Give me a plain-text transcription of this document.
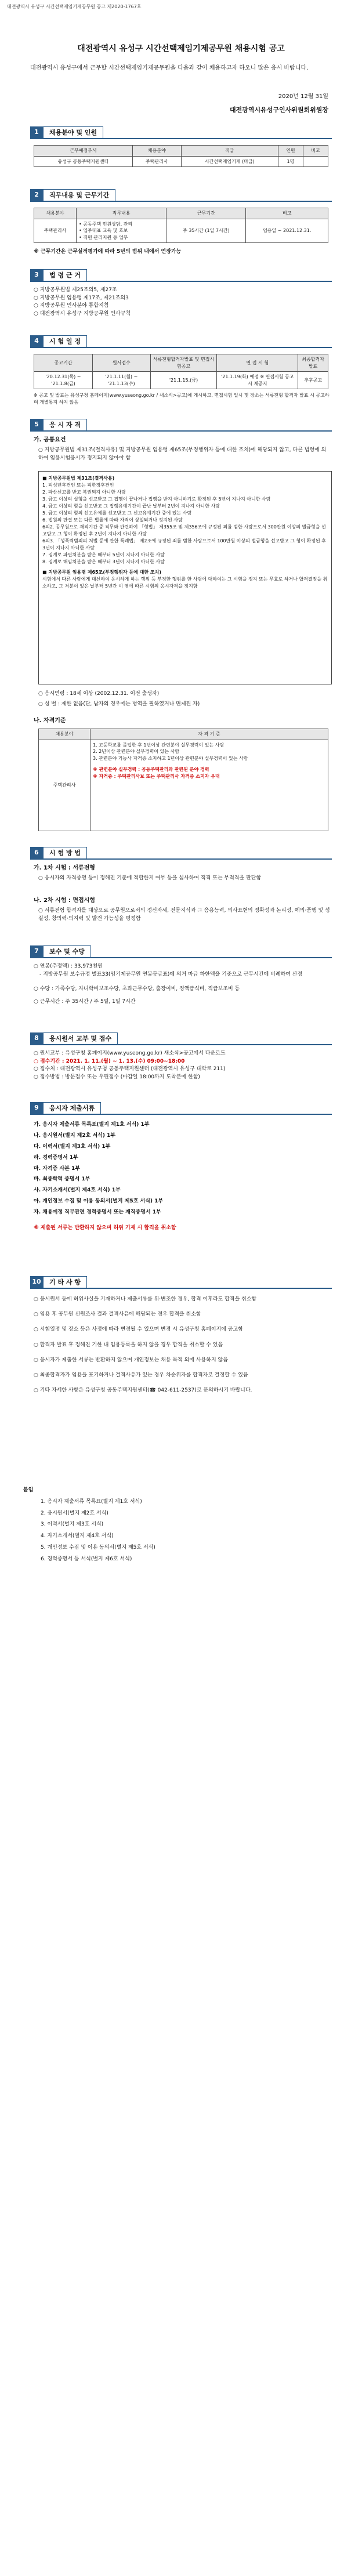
대전광역시 유성구 시간선택제임기제공무원 공고 제2020-1767호
대전광역시 유성구 시간선택제임기제공무원 채용시험 공고
대전광역시 유성구에서 근무할 시간선택제임기제공무원을 다음과 같이 채용하고자 하오니 많은 응시 바랍니다.
2020년 12월 31일
대전광역시유성구인사위원회위원장
1 채용분야 및 인원
근무예정부서	채용분야	직급	인원	비고
유성구 공동주택지원센터	주택관리사	시간선택제임기제 (마급)	1명	
2 직무내용 및 근무기간
채용분야	직무내용	근무기간	비고
주택관리사	• 공동주택 민원상담, 관리
• 입주대표 교육 및 호보
• 직원 관리지원 등 업무	주 35시간 (1일 7시간)	임용일 ~ 2021.12.31.
※ 근무기간은 근무실적평가에 따라 5년의 범위 내에서 연장가능
3 법 령 근 거
○ 지방공무원법 제25조의5, 제27조
○ 지방공무원 임용령 제17조, 제21조의3
○ 지방공무원 인사분야 통합지침
○ 대전광역시 유성구 지방공무원 인사규칙
4 시 험 일 정
공고기간	원서접수	서류전형합격자발표 및 면접시험공고	면 접 시 험	최종합격자발표
'20.12.31(목) ~ '21.1.8(금)	'21.1.11(월) ~ '21.1.13(수)	'21.1.15.(금)	'21.1.19(화) 예정 ※ 면접시험 공고시 재공지	추후공고
※ 공고 및 발표는 유성구청 홈페이지(www.yuseong.go.kr / 새소식>공고)에 게시하고, 면접시험 일시 및 장소는 서류전형 합격자 발표 시 공고하며 개별통지 하지 않음
5 응 시 자 격
가. 공통요건
○ 지방공무원법 제31조(결격사유) 및 지방공무원 임용령 제65조(부정행위자 등에 대한 조치)에 해당되지 않고, 다른 법령에 의하여 임용시험응시가 정지되지 않아야 함
■ 지방공무원법 제31조(결격사유)
1. 피성년후견인 또는 피한정후견인
2. 파산선고를 받고 복권되지 아니한 사람
3. 금고 이상의 실형을 선고받고 그 집행이 끝나거나 집행을 받지 아니하기로 확정된 후 5년이 지나지 아니한 사람
4. 금고 이상의 형을 선고받고 그 집행유예기간이 끝난 날부터 2년이 지나지 아니한 사람
5. 금고 이상의 형의 선고유예를 선고받고 그 선고유예기간 중에 있는 사람
6. 법원의 판결 또는 다른 법률에 따라 자격이 상실되거나 정지된 사람
6의2. 공무원으로 재직기간 중 직무와 관련하여 「형법」 제355조 및 제356조에 규정된 죄를 범한 사람으로서 300만원 이상의 벌금형을 선고받고 그 형이 확정된 후 2년이 지나지 아니한 사람
6의3. 「성폭력범죄의 처벌 등에 관한 특례법」 제2조에 규정된 죄를 범한 사람으로서 100만원 이상의 벌금형을 선고받고 그 형이 확정된 후 3년이 지나지 아니한 사람
7. 징계로 파면처분을 받은 때부터 5년이 지나지 아니한 사람
8. 징계로 해임처분을 받은 때부터 3년이 지나지 아니한 사람
■ 지방공무원 임용령 제65조(부정행위자 등에 대한 조치)
시험에서 다른 사람에게 대신하여 응시하게 하는 행위 등 부정한 행위를 한 사람에 대하여는 그 시험을 정지 또는 무효로 하거나 합격결정을 취소하고, 그 처분이 있은 날부터 5년간 이 영에 따른 시험의 응시자격을 정지함
○ 응시연령 : 18세 이상 (2002.12.31. 이전 출생자)
○ 성 별 : 제한 없음(단, 남자의 경우에는 병역을 필하였거나 면제된 자)
나. 자격기준
채용분야	자 격 기 준
주택관리사	1. 고등학교를 졸업한 후 1년이상 관련분야 실무경력이 있는 사람
2. 2년이상 관련분야 실무경력이 있는 사람
3. 관련분야 기능사 자격증 소지하고 1년이상 관련분야 실무경력이 있는 사람
※ 관련분야 실무경력 : 공동주택관리와 관련된 분야 경력
※ 자격증 : 주택관리사보 또는 주택관리사 자격증 소지자 우대
6 시 험 방 법
가. 1차 시험 : 서류전형
○ 응시자의 자격증명 등이 정해진 기준에 적합한지 여부 등을 심사하여 적격 또는 부적격을 판단함
나. 2차 시험 : 면접시험
○ 서류전형 합격자를 대상으로 공무원으로서의 정신자세, 전문지식과 그 응용능력, 의사표현의 정확성과 논리성, 예의·품행 및 성실성, 창의력·의지력 및 발전 가능성을 평정함
7 보수 및 수당
○ 연봉(추정액) : 33,973천원
- 지방공무원 보수규정 별표33(임기제공무원 연봉등급표)에 의거 마급 하한액을 기준으로 근무시간에 비례하여 산정
○ 수당 : 가족수당, 자녀학비보조수당, 초과근무수당, 출장여비, 정액급식비, 직급보조비 등
○ 근무시간 : 주 35시간 / 주 5일, 1일 7시간
8 응시원서 교부 및 접수
○ 원서교부 : 유성구청 홈페이지(www.yuseong.go.kr) 새소식>공고에서 다운로드
○ 접수기간 : 2021. 1. 11.(월) ~ 1. 13.(수) 09:00~18:00
○ 접수처 : 대전광역시 유성구청 공동주택지원센터 (대전광역시 유성구 대학로 211)
○ 접수방법 : 방문접수 또는 우편접수 (마감일 18:00까지 도착분에 한함)
9 응시자 제출서류
가. 응시자 제출서류 목록표(별지 제1호 서식) 1부
나. 응시원서(별지 제2호 서식) 1부
다. 이력서(별지 제3호 서식) 1부
라. 경력증명서 1부
마. 자격증 사본 1부
바. 최종학력 증명서 1부
사. 자기소개서(별지 제4호 서식) 1부
아. 개인정보 수집 및 이용 동의서(별지 제5호 서식) 1부
자. 채용예정 직무관련 경력증명서 또는 재직증명서 1부
※ 제출된 서류는 반환하지 않으며 허위 기재 시 합격을 취소함
10 기 타 사 항
○ 응시원서 등에 허위사실을 기재하거나 제출서류를 위·변조한 경우, 합격 이후라도 합격을 취소함
○ 임용 후 공무원 신원조사 결과 결격사유에 해당되는 경우 합격을 취소함
○ 시험일정 및 장소 등은 사정에 따라 변경될 수 있으며 변경 시 유성구청 홈페이지에 공고함
○ 합격자 발표 후 정해진 기한 내 임용등록을 하지 않을 경우 합격을 취소할 수 있음
○ 응시자가 제출한 서류는 반환하지 않으며 개인정보는 채용 목적 외에 사용하지 않음
○ 최종합격자가 임용을 포기하거나 결격사유가 있는 경우 차순위자를 합격자로 결정할 수 있음
○ 기타 자세한 사항은 유성구청 공동주택지원센터(☎ 042-611-2537)로 문의하시기 바랍니다.
붙임
1. 응시자 제출서류 목록표(별지 제1호 서식)
2. 응시원서(별지 제2호 서식)
3. 이력서(별지 제3호 서식)
4. 자기소개서(별지 제4호 서식)
5. 개인정보 수집 및 이용 동의서(별지 제5호 서식)
6. 경력증명서 등 서식(별지 제6호 서식)
